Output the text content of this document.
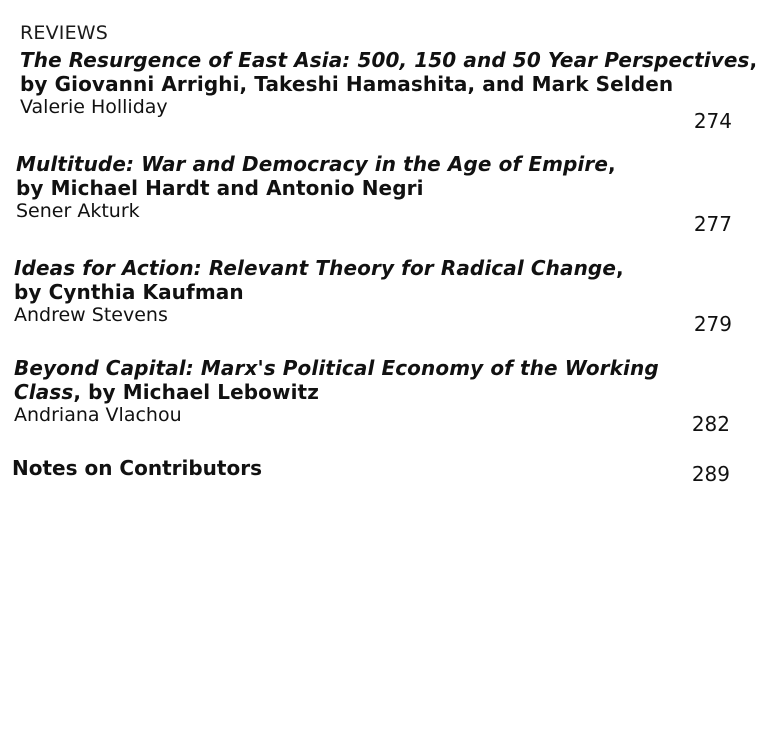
REVIEWS
The Resurgence of East Asia: 500, 150 and 50 Year Perspectives,
by Giovanni Arrighi, Takeshi Hamashita, and Mark Selden
Valerie Holliday
274
Multitude: War and Democracy in the Age of Empire,
by Michael Hardt and Antonio Negri
Sener Akturk
277
Ideas for Action: Relevant Theory for Radical Change,
by Cynthia Kaufman
Andrew Stevens	279
Beyond Capital: Marx's Political Economy of the Working
Class, by Michael Lebowitz
Andriana Vlachou	282
Notes on Contributors	289
